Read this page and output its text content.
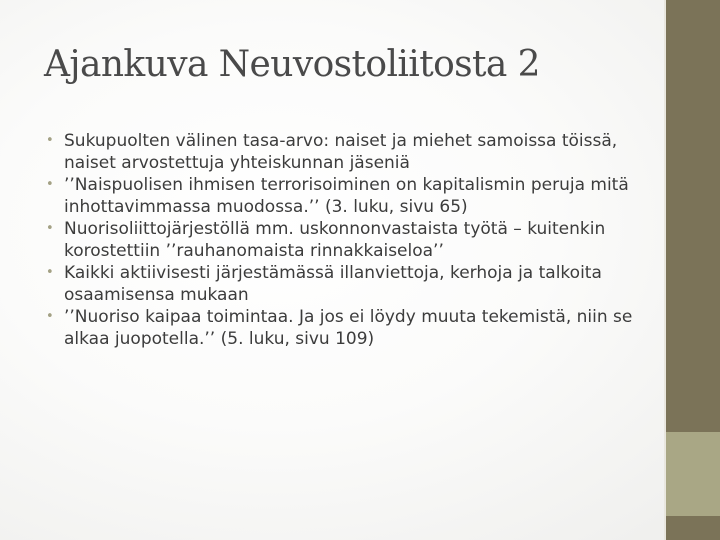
Ajankuva Neuvostoliitosta 2
• Sukupuolten välinen tasa-arvo: naiset ja miehet samoissa töissä, naiset arvostettuja yhteiskunnan jäseniä
• ’’Naispuolisen ihmisen terrorisoiminen on kapitalismin peruja mitä inhottavimmassa muodossa.’’ (3. luku, sivu 65)
• Nuorisoliittojärjestöllä mm. uskonnonvastaista työtä – kuitenkin korostettiin ’’rauhanomaista rinnakkaiseloa’’
• Kaikki aktiivisesti järjestämässä illanviettoja, kerhoja ja talkoita osaamisensa mukaan
• ’’Nuoriso kaipaa toimintaa. Ja jos ei löydy muuta tekemistä, niin se alkaa juopotella.’’ (5. luku, sivu 109)
